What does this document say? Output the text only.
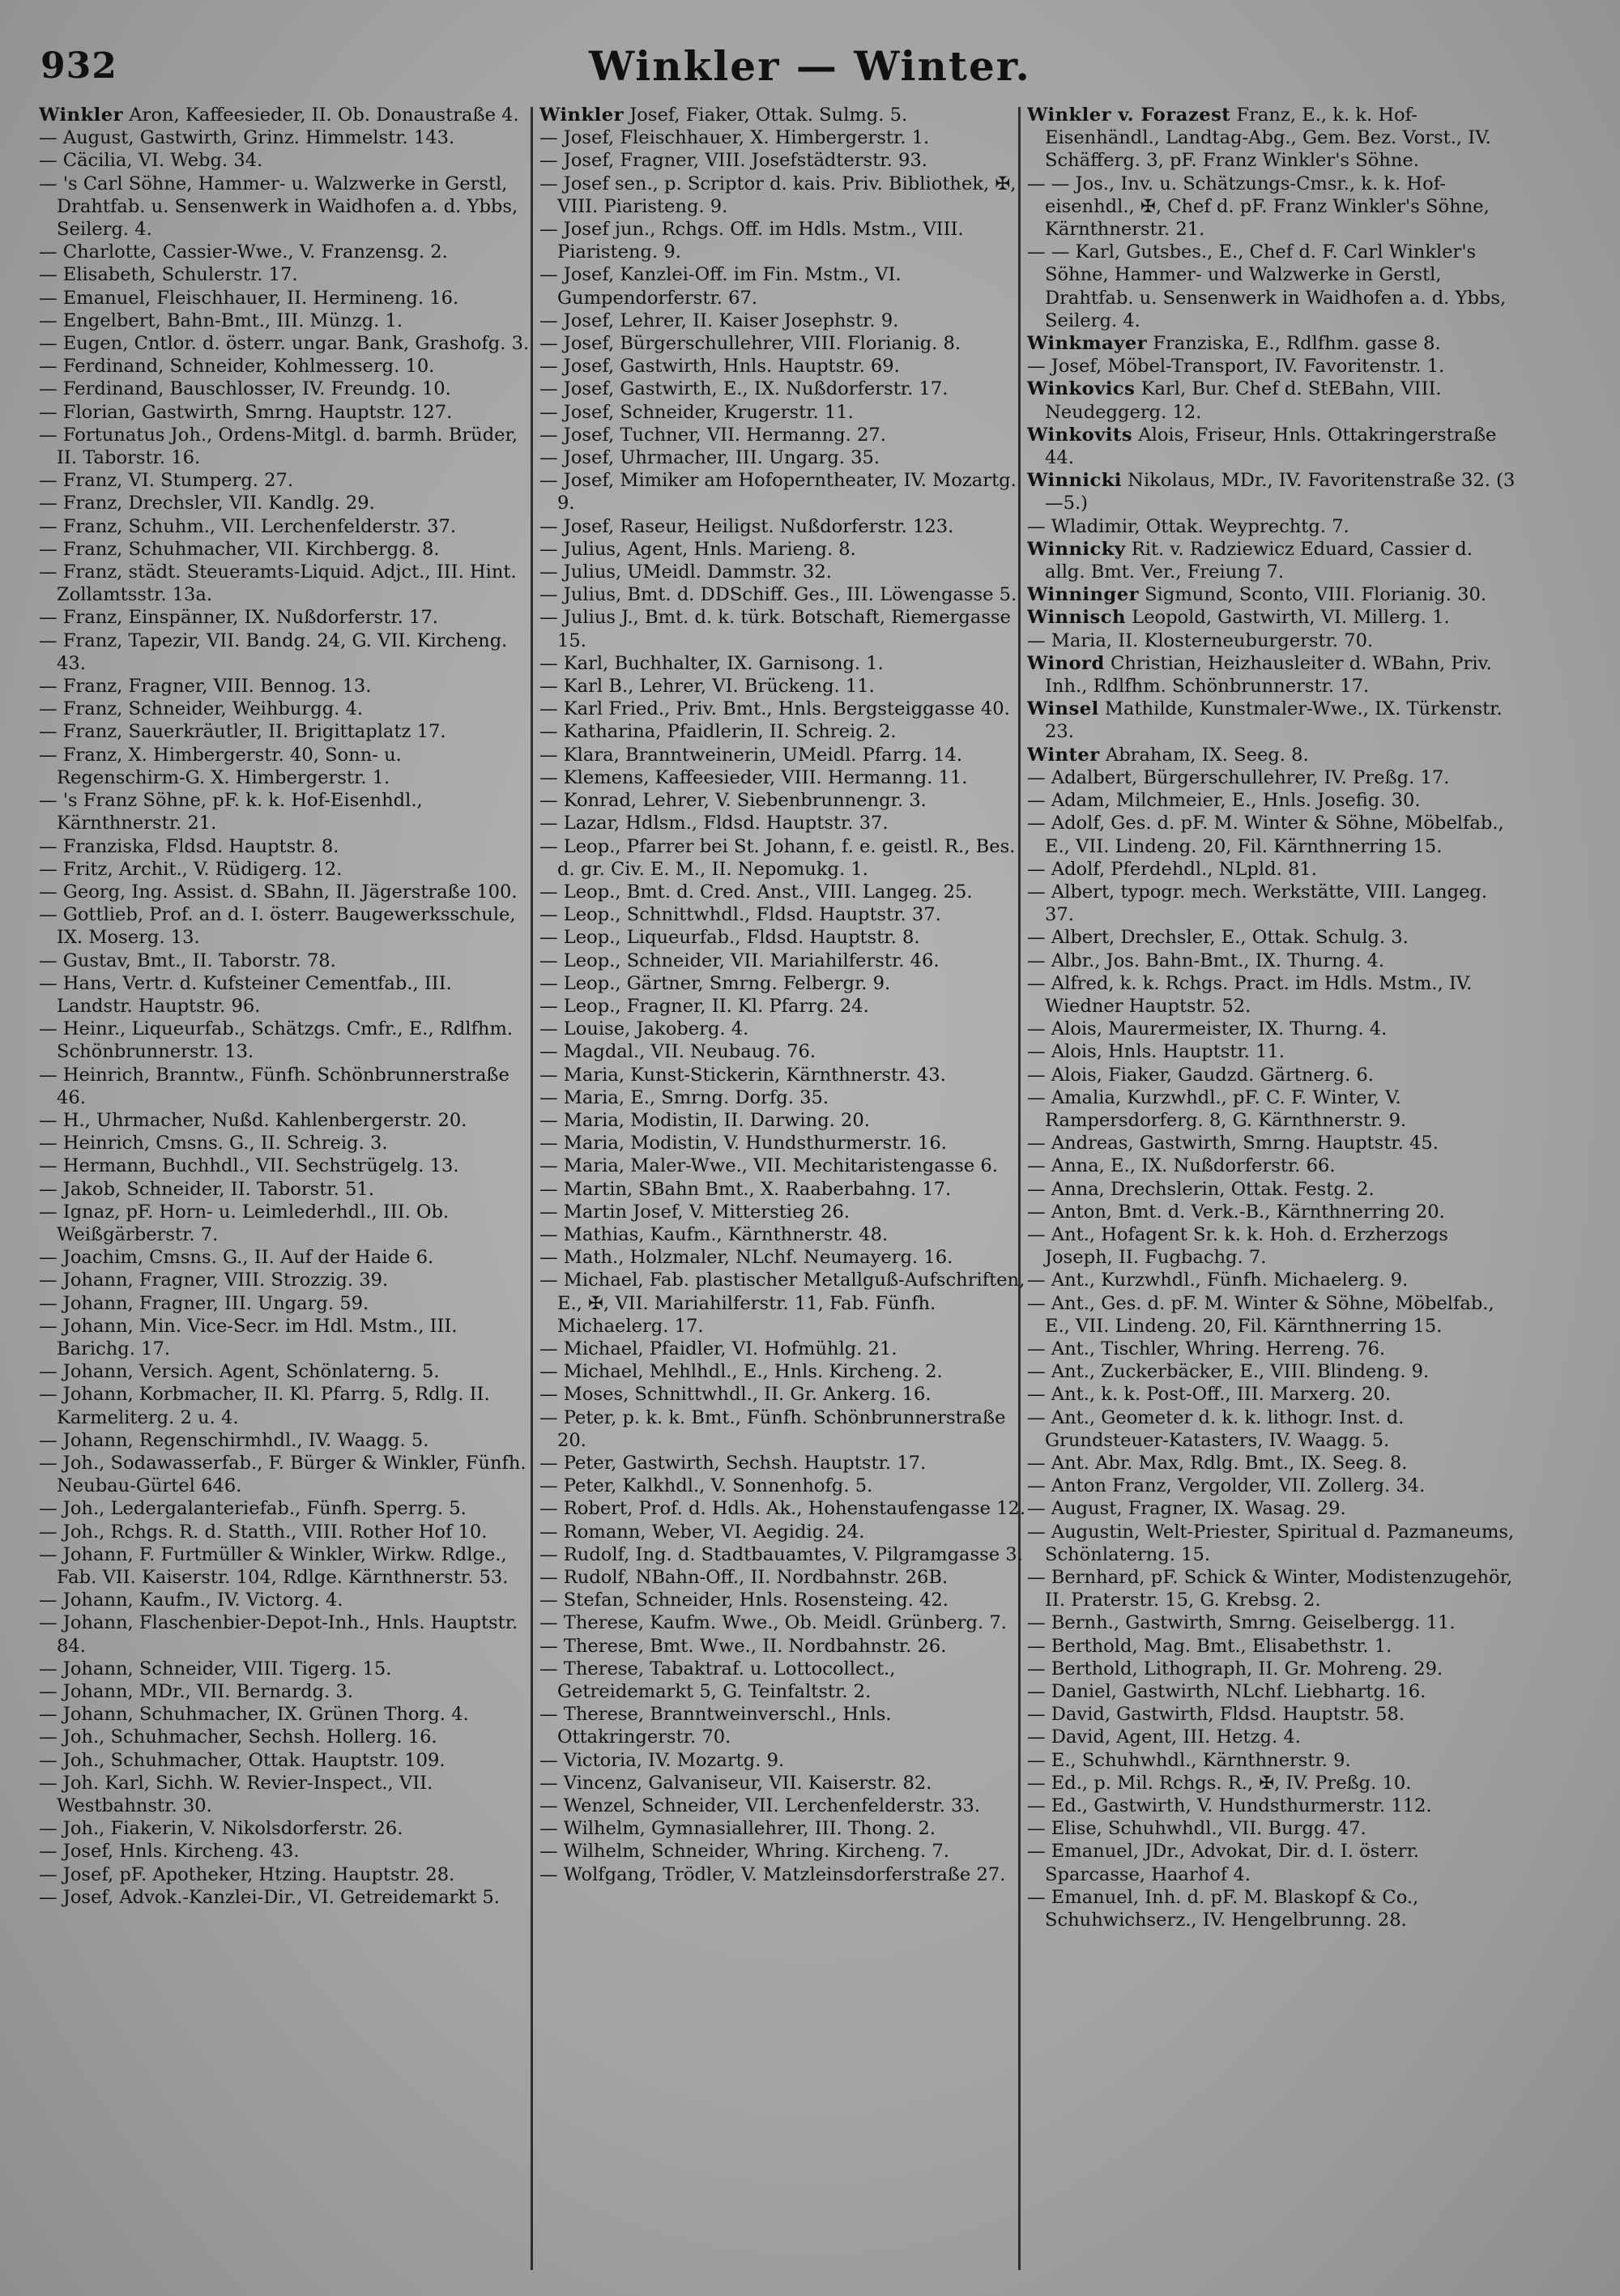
932	Winkler — Winter.

Winkler Aron, Kaffeesieder, II. Ob. Donaustraße 4.

— August, Gastwirth, Grinz. Himmelstr. 143.

— Cäcilia, VI. Webg. 34.

— 's Carl Söhne, Hammer- u. Walzwerke in Gerstl, Drahtfab. u. Sensenwerk in Waidhofen a. d. Ybbs, Seilerg. 4.

— Charlotte, Cassier-Wwe., V. Franzensg. 2.

— Elisabeth, Schulerstr. 17.

— Emanuel, Fleischhauer, II. Hermineng. 16.

— Engelbert, Bahn-Bmt., III. Münzg. 1.

— Eugen, Cntlor. d. österr. ungar. Bank, Grashofg. 3.

— Ferdinand, Schneider, Kohlmesserg. 10.

— Ferdinand, Bauschlosser, IV. Freundg. 10.

— Florian, Gastwirth, Smrng. Hauptstr. 127.

— Fortunatus Joh., Ordens-Mitgl. d. barmh. Brüder, II. Taborstr. 16.

— Franz, VI. Stumperg. 27.

— Franz, Drechsler, VII. Kandlg. 29.

— Franz, Schuhm., VII. Lerchenfelderstr. 37.

— Franz, Schuhmacher, VII. Kirchbergg. 8.

— Franz, städt. Steueramts-Liquid. Adjct., III. Hint. Zollamtsstr. 13a.

— Franz, Einspänner, IX. Nußdorferstr. 17.

— Franz, Tapezir, VII. Bandg. 24, G. VII. Kircheng. 43.

— Franz, Fragner, VIII. Bennog. 13.

— Franz, Schneider, Weihburgg. 4.

— Franz, Sauerkräutler, II. Brigittaplatz 17.

— Franz, X. Himbergerstr. 40, Sonn- u. Regenschirm-G. X. Himbergerstr. 1.

— 's Franz Söhne, pF. k. k. Hof-Eisenhdl., Kärnthnerstr. 21.

— Franziska, Fldsd. Hauptstr. 8.

— Fritz, Archit., V. Rüdigerg. 12.

— Georg, Ing. Assist. d. SBahn, II. Jägerstraße 100.

— Gottlieb, Prof. an d. I. österr. Baugewerksschule, IX. Moserg. 13.

— Gustav, Bmt., II. Taborstr. 78.

— Hans, Vertr. d. Kufsteiner Cementfab., III. Landstr. Hauptstr. 96.

— Heinr., Liqueurfab., Schätzgs. Cmfr., E., Rdlfhm. Schönbrunnerstr. 13.

— Heinrich, Branntw., Fünfh. Schönbrunnerstraße 46.

— H., Uhrmacher, Nußd. Kahlenbergerstr. 20.

— Heinrich, Cmsns. G., II. Schreig. 3.

— Hermann, Buchhdl., VII. Sechstrügelg. 13.

— Jakob, Schneider, II. Taborstr. 51.

— Ignaz, pF. Horn- u. Leimlederhdl., III. Ob. Weißgärberstr. 7.

— Joachim, Cmsns. G., II. Auf der Haide 6.

— Johann, Fragner, VIII. Strozzig. 39.

— Johann, Fragner, III. Ungarg. 59.

— Johann, Min. Vice-Secr. im Hdl. Mstm., III. Barichg. 17.

— Johann, Versich. Agent, Schönlaterng. 5.

— Johann, Korbmacher, II. Kl. Pfarrg. 5, Rdlg. II. Karmeliterg. 2 u. 4.

— Johann, Regenschirmhdl., IV. Waagg. 5.

— Joh., Sodawasserfab., F. Bürger & Winkler, Fünfh. Neubau-Gürtel 646.

— Joh., Ledergalanteriefab., Fünfh. Sperrg. 5.

— Joh., Rchgs. R. d. Statth., VIII. Rother Hof 10.

— Johann, F. Furtmüller & Winkler, Wirkw. Rdlge., Fab. VII. Kaiserstr. 104, Rdlge. Kärnthnerstr. 53.

— Johann, Kaufm., IV. Victorg. 4.

— Johann, Flaschenbier-Depot-Inh., Hnls. Hauptstr. 84.

— Johann, Schneider, VIII. Tigerg. 15.

— Johann, MDr., VII. Bernardg. 3.

— Johann, Schuhmacher, IX. Grünen Thorg. 4.

— Joh., Schuhmacher, Sechsh. Hollerg. 16.

— Joh., Schuhmacher, Ottak. Hauptstr. 109.

— Joh. Karl, Sichh. W. Revier-Inspect., VII. Westbahnstr. 30.

— Joh., Fiakerin, V. Nikolsdorferstr. 26.

— Josef, Hnls. Kircheng. 43.

— Josef, pF. Apotheker, Htzing. Hauptstr. 28.

— Josef, Advok.-Kanzlei-Dir., VI. Getreidemarkt 5.

Winkler Josef, Fiaker, Ottak. Sulmg. 5.

— Josef, Fleischhauer, X. Himbergerstr. 1.

— Josef, Fragner, VIII. Josefstädterstr. 93.

— Josef sen., p. Scriptor d. kais. Priv. Bibliothek, ✠, VIII. Piaristeng. 9.

— Josef jun., Rchgs. Off. im Hdls. Mstm., VIII. Piaristeng. 9.

— Josef, Kanzlei-Off. im Fin. Mstm., VI. Gumpendorferstr. 67.

— Josef, Lehrer, II. Kaiser Josephstr. 9.

— Josef, Bürgerschullehrer, VIII. Florianig. 8.

— Josef, Gastwirth, Hnls. Hauptstr. 69.

— Josef, Gastwirth, E., IX. Nußdorferstr. 17.

— Josef, Schneider, Krugerstr. 11.

— Josef, Tuchner, VII. Hermanng. 27.

— Josef, Uhrmacher, III. Ungarg. 35.

— Josef, Mimiker am Hofoperntheater, IV. Mozartg. 9.

— Josef, Raseur, Heiligst. Nußdorferstr. 123.

— Julius, Agent, Hnls. Marieng. 8.

— Julius, UMeidl. Dammstr. 32.

— Julius, Bmt. d. DDSchiff. Ges., III. Löwengasse 5.

— Julius J., Bmt. d. k. türk. Botschaft, Riemergasse 15.

— Karl, Buchhalter, IX. Garnisong. 1.

— Karl B., Lehrer, VI. Brückeng. 11.

— Karl Fried., Priv. Bmt., Hnls. Bergsteiggasse 40.

— Katharina, Pfaidlerin, II. Schreig. 2.

— Klara, Branntweinerin, UMeidl. Pfarrg. 14.

— Klemens, Kaffeesieder, VIII. Hermanng. 11.

— Konrad, Lehrer, V. Siebenbrunnengr. 3.

— Lazar, Hdlsm., Fldsd. Hauptstr. 37.

— Leop., Pfarrer bei St. Johann, f. e. geistl. R., Bes. d. gr. Civ. E. M., II. Nepomukg. 1.

— Leop., Bmt. d. Cred. Anst., VIII. Langeg. 25.

— Leop., Schnittwhdl., Fldsd. Hauptstr. 37.

— Leop., Liqueurfab., Fldsd. Hauptstr. 8.

— Leop., Schneider, VII. Mariahilferstr. 46.

— Leop., Gärtner, Smrng. Felbergr. 9.

— Leop., Fragner, II. Kl. Pfarrg. 24.

— Louise, Jakoberg. 4.

— Magdal., VII. Neubaug. 76.

— Maria, Kunst-Stickerin, Kärnthnerstr. 43.

— Maria, E., Smrng. Dorfg. 35.

— Maria, Modistin, II. Darwing. 20.

— Maria, Modistin, V. Hundsthurmerstr. 16.

— Maria, Maler-Wwe., VII. Mechitaristengasse 6.

— Martin, SBahn Bmt., X. Raaberbahng. 17.

— Martin Josef, V. Mitterstieg 26.

— Mathias, Kaufm., Kärnthnerstr. 48.

— Math., Holzmaler, NLchf. Neumayerg. 16.

— Michael, Fab. plastischer Metallguß-Aufschriften, E., ✠, VII. Mariahilferstr. 11, Fab. Fünfh. Michaelerg. 17.

— Michael, Pfaidler, VI. Hofmühlg. 21.

— Michael, Mehlhdl., E., Hnls. Kircheng. 2.

— Moses, Schnittwhdl., II. Gr. Ankerg. 16.

— Peter, p. k. k. Bmt., Fünfh. Schönbrunnerstraße 20.

— Peter, Gastwirth, Sechsh. Hauptstr. 17.

— Peter, Kalkhdl., V. Sonnenhofg. 5.

— Robert, Prof. d. Hdls. Ak., Hohenstaufengasse 12.

— Romann, Weber, VI. Aegidig. 24.

— Rudolf, Ing. d. Stadtbauamtes, V. Pilgramgasse 3.

— Rudolf, NBahn-Off., II. Nordbahnstr. 26B.

— Stefan, Schneider, Hnls. Rosensteing. 42.

— Therese, Kaufm. Wwe., Ob. Meidl. Grünberg. 7.

— Therese, Bmt. Wwe., II. Nordbahnstr. 26.

— Therese, Tabaktraf. u. Lottocollect., Getreidemarkt 5, G. Teinfaltstr. 2.

— Therese, Branntweinverschl., Hnls. Ottakringerstr. 70.

— Victoria, IV. Mozartg. 9.

— Vincenz, Galvaniseur, VII. Kaiserstr. 82.

— Wenzel, Schneider, VII. Lerchenfelderstr. 33.

— Wilhelm, Gymnasiallehrer, III. Thong. 2.

— Wilhelm, Schneider, Whring. Kircheng. 7.

— Wolfgang, Trödler, V. Matzleinsdorferstraße 27.

Winkler v. Forazest Franz, E., k. k. Hof-Eisenhändl., Landtag-Abg., Gem. Bez. Vorst., IV. Schäfferg. 3, pF. Franz Winkler's Söhne.

— — Jos., Inv. u. Schätzungs-Cmsr., k. k. Hof-eisenhdl., ✠, Chef d. pF. Franz Winkler's Söhne, Kärnthnerstr. 21.

— — Karl, Gutsbes., E., Chef d. F. Carl Winkler's Söhne, Hammer- und Walzwerke in Gerstl, Drahtfab. u. Sensenwerk in Waidhofen a. d. Ybbs, Seilerg. 4.

Winkmayer Franziska, E., Rdlfhm. gasse 8.

— Josef, Möbel-Transport, IV. Favoritenstr. 1.

Winkovics Karl, Bur. Chef d. StEBahn, VIII. Neudeggerg. 12.

Winkovits Alois, Friseur, Hnls. Ottakringerstraße 44.

Winnicki Nikolaus, MDr., IV. Favoritenstraße 32. (3—5.)

— Wladimir, Ottak. Weyprechtg. 7.

Winnicky Rit. v. Radziewicz Eduard, Cassier d. allg. Bmt. Ver., Freiung 7.

Winninger Sigmund, Sconto, VIII. Florianig. 30.

Winnisch Leopold, Gastwirth, VI. Millerg. 1.

— Maria, II. Klosterneuburgerstr. 70.

Winord Christian, Heizhausleiter d. WBahn, Priv. Inh., Rdlfhm. Schönbrunnerstr. 17.

Winsel Mathilde, Kunstmaler-Wwe., IX. Türkenstr. 23.

Winter Abraham, IX. Seeg. 8.

— Adalbert, Bürgerschullehrer, IV. Preßg. 17.

— Adam, Milchmeier, E., Hnls. Josefig. 30.

— Adolf, Ges. d. pF. M. Winter & Söhne, Möbelfab., E., VII. Lindeng. 20, Fil. Kärnthnerring 15.

— Adolf, Pferdehdl., NLpld. 81.

— Albert, typogr. mech. Werkstätte, VIII. Langeg. 37.

— Albert, Drechsler, E., Ottak. Schulg. 3.

— Albr., Jos. Bahn-Bmt., IX. Thurng. 4.

— Alfred, k. k. Rchgs. Pract. im Hdls. Mstm., IV. Wiedner Hauptstr. 52.

— Alois, Maurermeister, IX. Thurng. 4.

— Alois, Hnls. Hauptstr. 11.

— Alois, Fiaker, Gaudzd. Gärtnerg. 6.

— Amalia, Kurzwhdl., pF. C. F. Winter, V. Rampersdorferg. 8, G. Kärnthnerstr. 9.

— Andreas, Gastwirth, Smrng. Hauptstr. 45.

— Anna, E., IX. Nußdorferstr. 66.

— Anna, Drechslerin, Ottak. Festg. 2.

— Anton, Bmt. d. Verk.-B., Kärnthnerring 20.

— Ant., Hofagent Sr. k. k. Hoh. d. Erzherzogs Joseph, II. Fugbachg. 7.

— Ant., Kurzwhdl., Fünfh. Michaelerg. 9.

— Ant., Ges. d. pF. M. Winter & Söhne, Möbelfab., E., VII. Lindeng. 20, Fil. Kärnthnerring 15.

— Ant., Tischler, Whring. Herreng. 76.

— Ant., Zuckerbäcker, E., VIII. Blindeng. 9.

— Ant., k. k. Post-Off., III. Marxerg. 20.

— Ant., Geometer d. k. k. lithogr. Inst. d. Grundsteuer-Katasters, IV. Waagg. 5.

— Ant. Abr. Max, Rdlg. Bmt., IX. Seeg. 8.

— Anton Franz, Vergolder, VII. Zollerg. 34.

— August, Fragner, IX. Wasag. 29.

— Augustin, Welt-Priester, Spiritual d. Pazmaneums, Schönlaterng. 15.

— Bernhard, pF. Schick & Winter, Modistenzugehör, II. Praterstr. 15, G. Krebsg. 2.

— Bernh., Gastwirth, Smrng. Geiselbergg. 11.

— Berthold, Mag. Bmt., Elisabethstr. 1.

— Berthold, Lithograph, II. Gr. Mohreng. 29.

— Daniel, Gastwirth, NLchf. Liebhartg. 16.

— David, Gastwirth, Fldsd. Hauptstr. 58.

— David, Agent, III. Hetzg. 4.

— E., Schuhwhdl., Kärnthnerstr. 9.

— Ed., p. Mil. Rchgs. R., ✠, IV. Preßg. 10.

— Ed., Gastwirth, V. Hundsthurmerstr. 112.

— Elise, Schuhwhdl., VII. Burgg. 47.

— Emanuel, JDr., Advokat, Dir. d. I. österr. Sparcasse, Haarhof 4.

— Emanuel, Inh. d. pF. M. Blaskopf & Co., Schuhwichserz., IV. Hengelbrunng. 28.
